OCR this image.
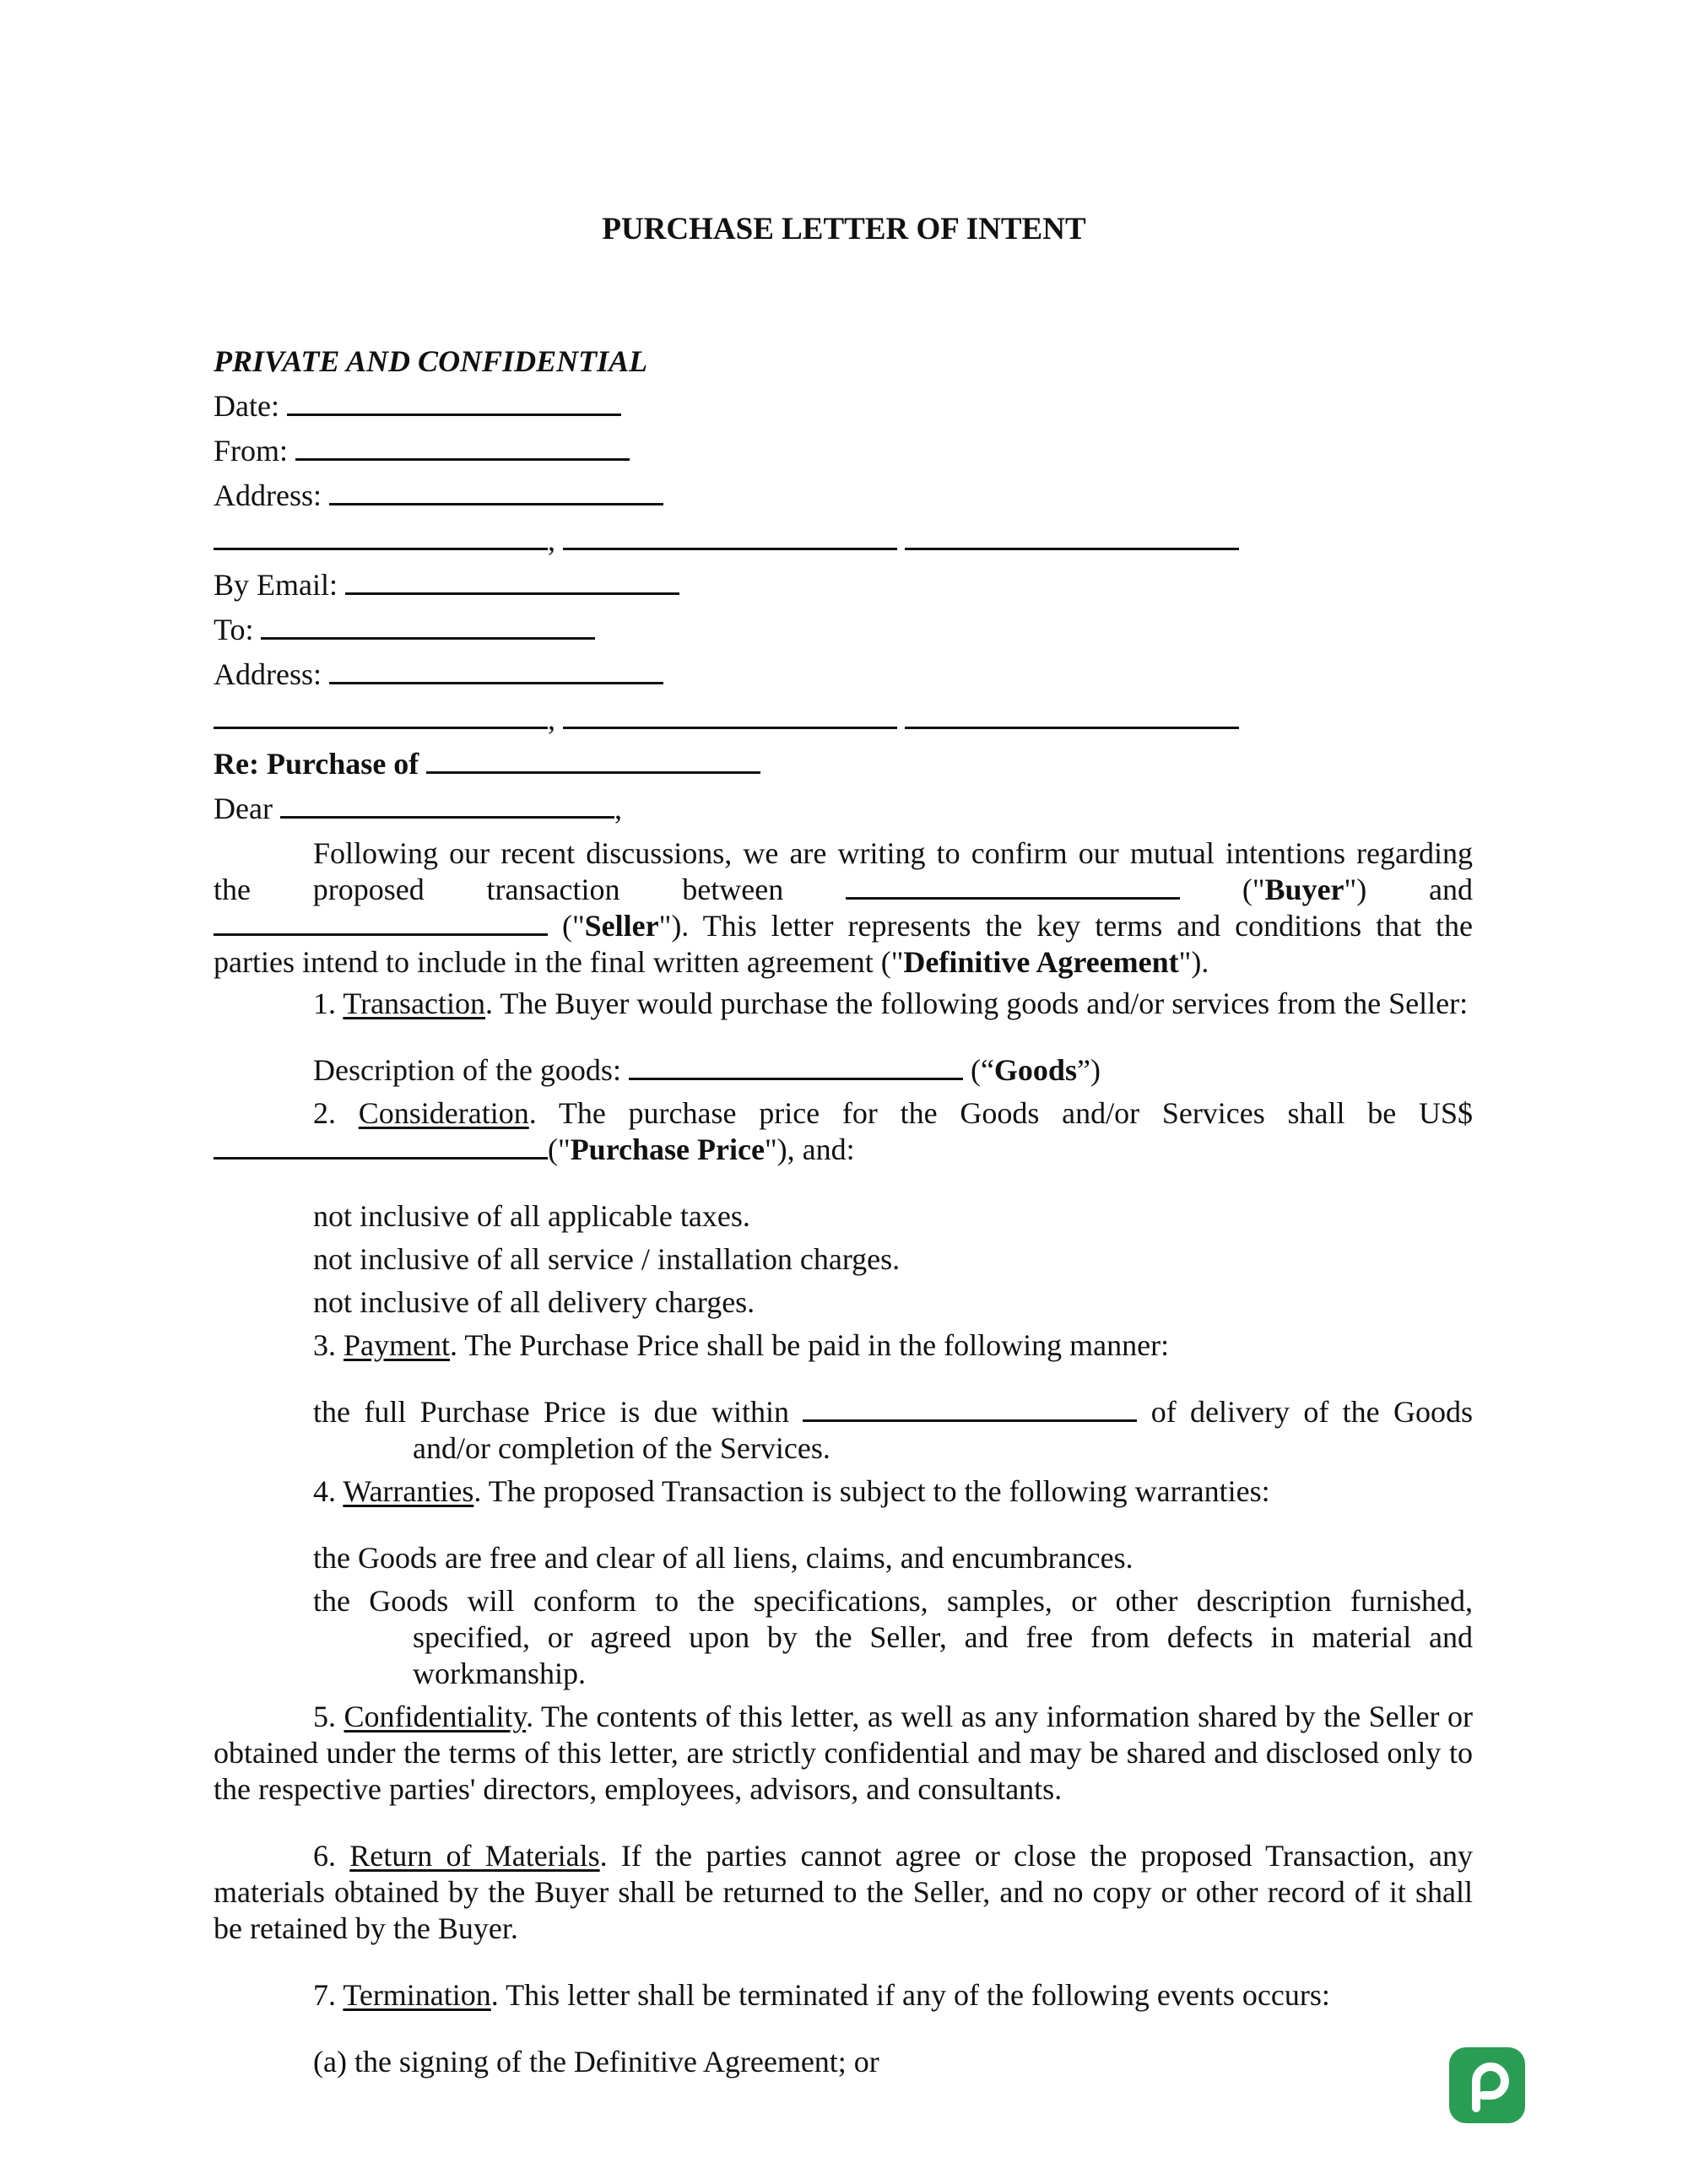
PURCHASE LETTER OF INTENT
PRIVATE AND CONFIDENTIAL
Date:
From:
Address:
,
By Email:
To:
Address:
,
Re: Purchase of
Dear	,

Following our recent discussions, we are writing to confirm our mutual intentions regarding the proposed transaction between	("Buyer") and  ("Seller"). This letter represents the key terms and conditions that the parties intend to include in the final written agreement ("Definitive Agreement").

1. Transaction. The Buyer would purchase the following goods and/or services from the Seller:

Description of the goods:	(“Goods”)

2. Consideration. The purchase price for the Goods and/or Services shall be US$ ("Purchase Price"), and:

not inclusive of all applicable taxes.
not inclusive of all service / installation charges.
not inclusive of all delivery charges.

3. Payment. The Purchase Price shall be paid in the following manner:

the full Purchase Price is due within	of delivery of the Goods and/or completion of the Services.

4. Warranties. The proposed Transaction is subject to the following warranties:

the Goods are free and clear of all liens, claims, and encumbrances.
the Goods will conform to the specifications, samples, or other description furnished, specified, or agreed upon by the Seller, and free from defects in material and workmanship.

5. Confidentiality. The contents of this letter, as well as any information shared by the Seller or obtained under the terms of this letter, are strictly confidential and may be shared and disclosed only to the respective parties' directors, employees, advisors, and consultants.

6. Return of Materials. If the parties cannot agree or close the proposed Transaction, any materials obtained by the Buyer shall be returned to the Seller, and no copy or other record of it shall be retained by the Buyer.

7. Termination. This letter shall be terminated if any of the following events occurs:

(a) the signing of the Definitive Agreement; or
